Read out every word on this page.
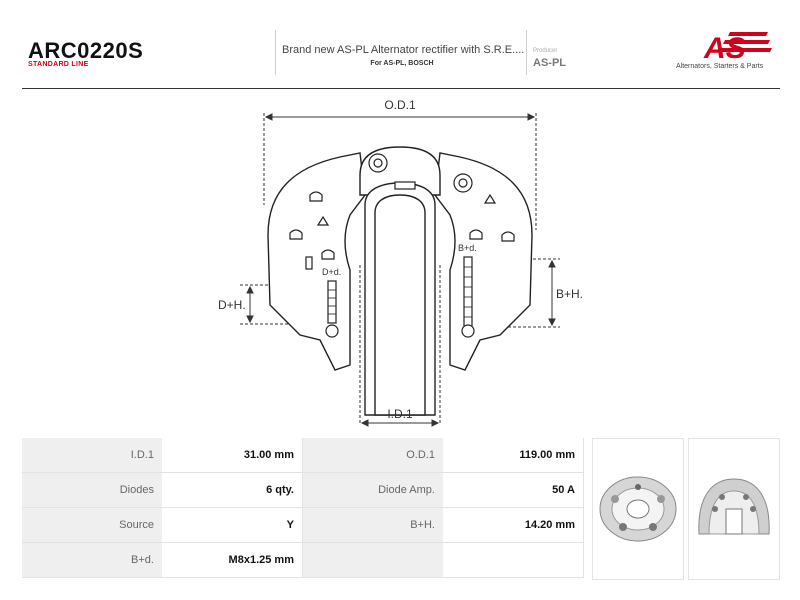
ARC0220S
STANDARD LINE
Brand new AS-PL Alternator rectifier with S.R.E....
For AS-PL, BOSCH
Producer
AS-PL	AS
Alternators, Starters & Parts
O.D.1
I.D.1
D+H.
B+H.
D+d.
B+d.
I.D.1	31.00 mm	O.D.1	119.00 mm
Diodes	6 qty.	Diode Amp.	50 A
Source	Y	B+H.	14.20 mm
B+d.	M8x1.25 mm		
